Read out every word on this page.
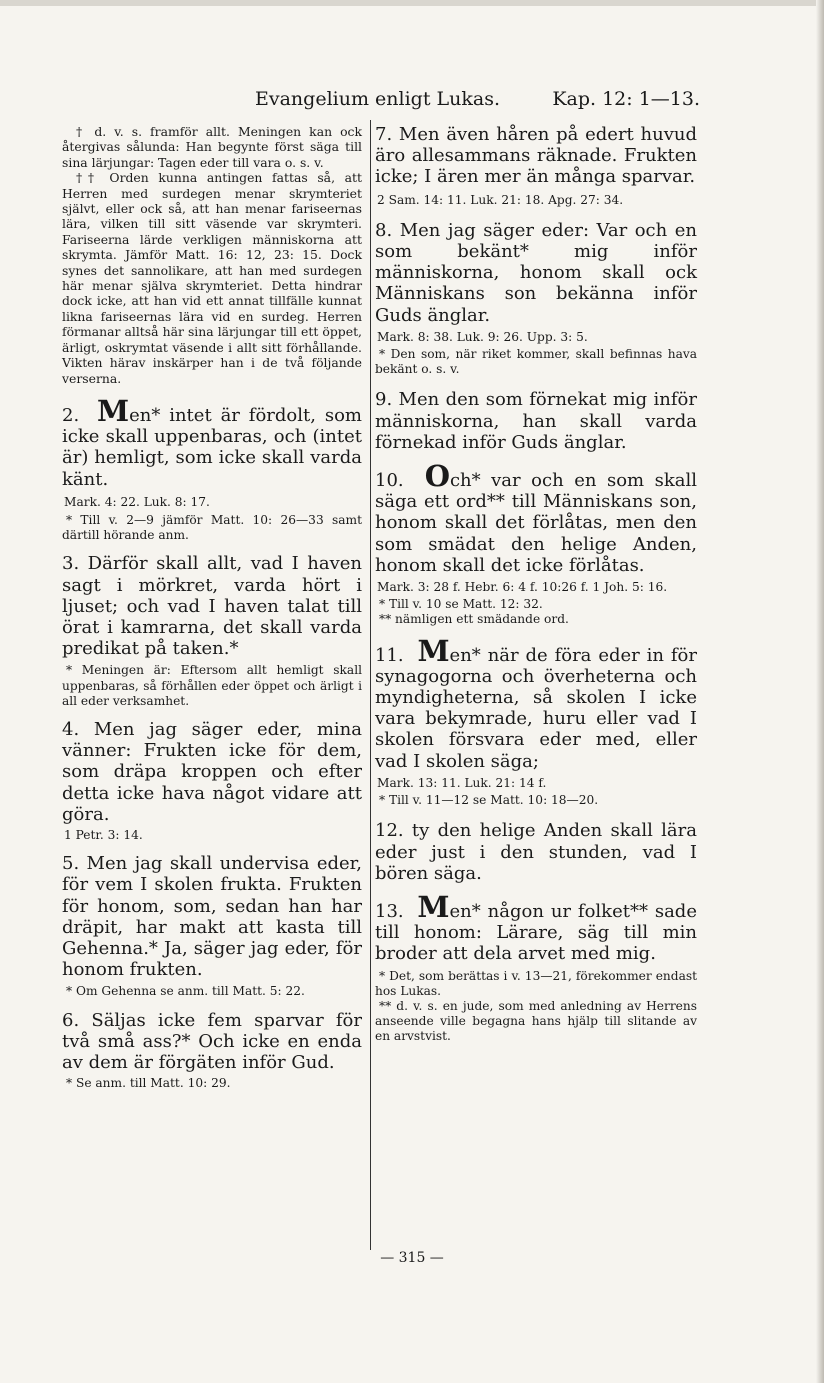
Evangelium enligt Lukas.	Kap. 12: 1—13.

† d. v. s. framför allt. Meningen kan ock återgivas sålunda: Han begynte först säga till sina lärjungar: Tagen eder till vara o. s. v.

†† Orden kunna antingen fattas så, att Herren med surdegen menar skrymteriet självt, eller ock så, att han menar fariseernas lära, vilken till sitt väsende var skrymteri. Fariseerna lärde verkligen människorna att skrymta. Jämför Matt. 16: 12, 23: 15. Dock synes det sannolikare, att han med surdegen här menar själva skrymteriet. Detta hindrar dock icke, att han vid ett annat tillfälle kunnat likna fariseernas lära vid en surdeg. Herren förmanar alltså här sina lärjungar till ett öppet, ärligt, oskrymtat väsende i allt sitt förhållande. Vikten härav inskärper han i de två följande verserna.

2. Men* intet är fördolt, som icke skall uppenbaras, och (intet är) hemligt, som icke skall varda känt.

Mark. 4: 22. Luk. 8: 17.

* Till v. 2—9 jämför Matt. 10: 26—33 samt därtill hörande anm.

3. Därför skall allt, vad I haven sagt i mörkret, varda hört i ljuset; och vad I haven talat till örat i kamrarna, det skall varda predikat på taken.*

* Meningen är: Eftersom allt hemligt skall uppenbaras, så förhållen eder öppet och ärligt i all eder verksamhet.

4. Men jag säger eder, mina vänner: Frukten icke för dem, som dräpa kroppen och efter detta icke hava något vidare att göra.

1 Petr. 3: 14.

5. Men jag skall undervisa eder, för vem I skolen frukta. Frukten för honom, som, sedan han har dräpit, har makt att kasta till Gehenna.* Ja, säger jag eder, för honom frukten.

* Om Gehenna se anm. till Matt. 5: 22.

6. Säljas icke fem sparvar för två små ass?* Och icke en enda av dem är förgäten inför Gud.

* Se anm. till Matt. 10: 29.

7. Men även håren på edert huvud äro allesammans räknade. Frukten icke; I ären mer än många sparvar.

2 Sam. 14: 11. Luk. 21: 18. Apg. 27: 34.

8. Men jag säger eder: Var och en som bekänt* mig inför människorna, honom skall ock Människans son bekänna inför Guds änglar.

Mark. 8: 38. Luk. 9: 26. Upp. 3: 5.

* Den som, när riket kommer, skall befinnas hava bekänt o. s. v.

9. Men den som förnekat mig inför människorna, han skall varda förnekad inför Guds änglar.

10. Och* var och en som skall säga ett ord** till Människans son, honom skall det förlåtas, men den som smädat den helige Anden, honom skall det icke förlåtas.

Mark. 3: 28 f. Hebr. 6: 4 f. 10:26 f. 1 Joh. 5: 16.

* Till v. 10 se Matt. 12: 32.

** nämligen ett smädande ord.

11. Men* när de föra eder in för synagogorna och överheterna och myndigheterna, så skolen I icke vara bekymrade, huru eller vad I skolen försvara eder med, eller vad I skolen säga;

Mark. 13: 11. Luk. 21: 14 f.

* Till v. 11—12 se Matt. 10: 18—20.

12. ty den helige Anden skall lära eder just i den stunden, vad I bören säga.

13. Men* någon ur folket** sade till honom: Lärare, säg till min broder att dela arvet med mig.

* Det, som berättas i v. 13—21, förekommer endast hos Lukas.

** d. v. s. en jude, som med anledning av Herrens anseende ville begagna hans hjälp till slitande av en arvstvist.

— 315 —
